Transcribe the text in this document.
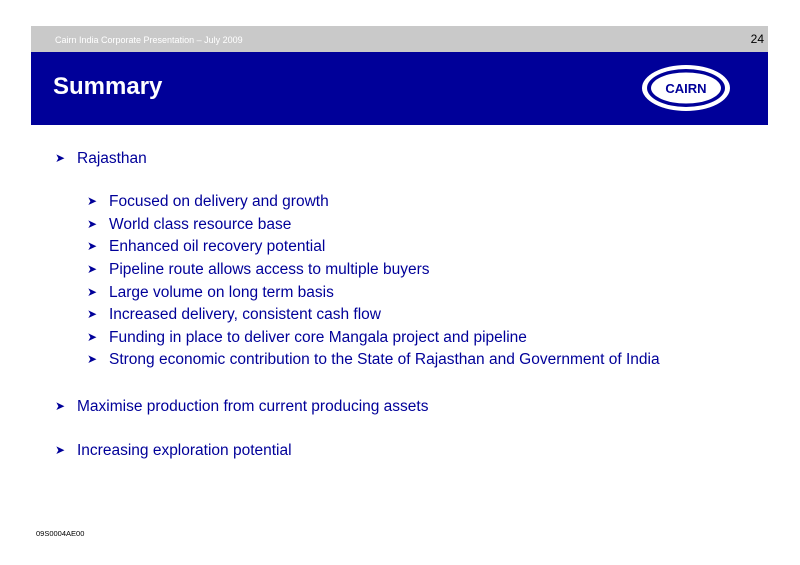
Cairn India Corporate Presentation – July 2009	24
Summary	CAIRN
➤ Rajasthan
➤ Focused on delivery and growth
➤ World class resource base
➤ Enhanced oil recovery potential
➤ Pipeline route allows access to multiple buyers
➤ Large volume on long term basis
➤ Increased delivery, consistent cash flow
➤ Funding in place to deliver core Mangala project and pipeline
➤ Strong economic contribution to the State of Rajasthan and Government of India
➤ Maximise production from current producing assets
➤ Increasing exploration potential
09S0004AE00
